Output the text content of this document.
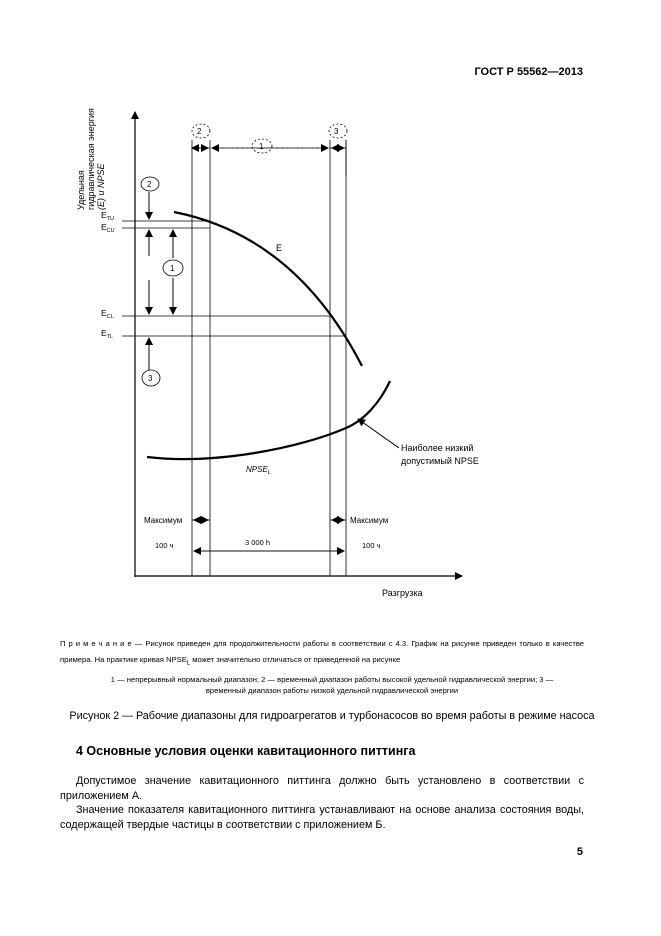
ГОСТ Р 55562—2013
$E_{TU}$
$E_{CU}$
$E_{CL}$
$E_{TL}$
Удельная гидравлическая энергия (E) и NPSE
E
$NPSE_L$
Наиболее низкий
допустимый NPSE
2
1
3
2
1
3
Максимум	Максимум
100 ч	3 000 h	100 ч
Разгрузка
П р и м е ч а н и е — Рисунок приведен для продолжительности работы в соответствии с 4.3. График на рисунке приведен только в качестве примера. На практике кривая $NPSE_L$ может значительно отличаться от приведенной на рисунке
1 — непрерывный нормальный диапазон; 2 — временный диапазон работы высокой удельной гидравлической энергии; 3 —
временный диапазон работы низкой удельной гидравлической энергии
Рисунок 2 — Рабочие диапазоны для гидроагрегатов и турбонасосов во время работы в режиме насоса
4 Основные условия оценки кавитационного питтинга
Допустимое значение кавитационного питтинга должно быть установлено в соответствии с приложением А.
Значение показателя кавитационного питтинга устанавливают на основе анализа состояния воды, содержащей твердые частицы в соответствии с приложением Б.
5
